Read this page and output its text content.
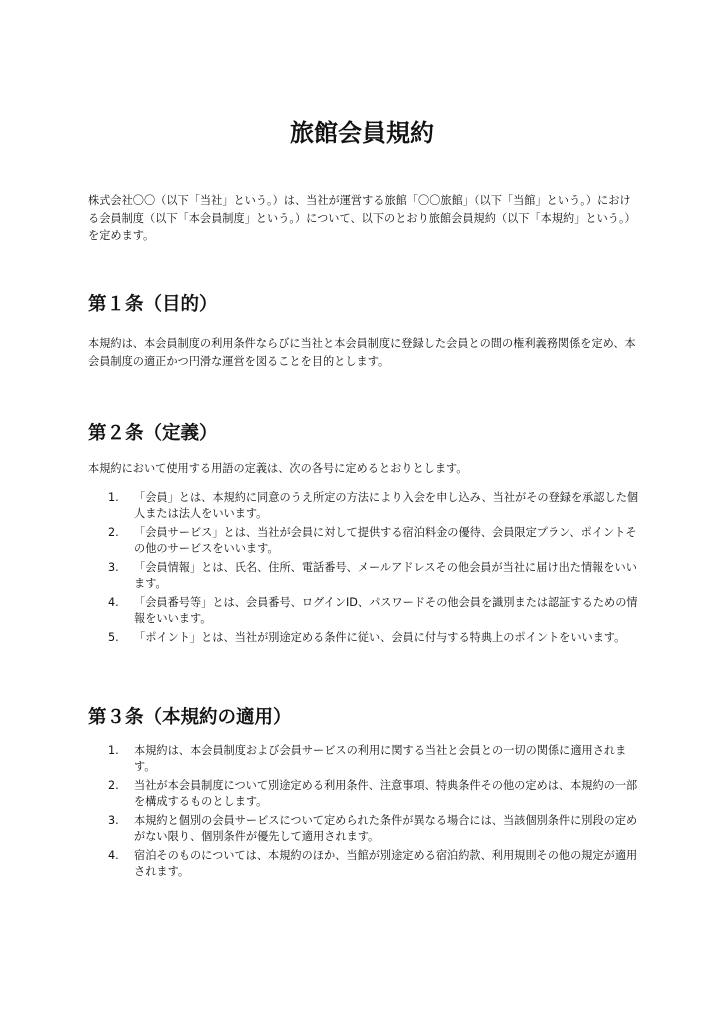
旅館会員規約

株式会社〇〇（以下「当社」という。）は、当社が運営する旅館「〇〇旅館」（以下「当館」という。）における会員制度（以下「本会員制度」という。）について、以下のとおり旅館会員規約（以下「本規約」という。）を定めます。

第１条（目的）

本規約は、本会員制度の利用条件ならびに当社と本会員制度に登録した会員との間の権利義務関係を定め、本会員制度の適正かつ円滑な運営を図ることを目的とします。

第２条（定義）

本規約において使用する用語の定義は、次の各号に定めるとおりとします。

1. 「会員」とは、本規約に同意のうえ所定の方法により入会を申し込み、当社がその登録を承認した個人または法人をいいます。
2. 「会員サービス」とは、当社が会員に対して提供する宿泊料金の優待、会員限定プラン、ポイントその他のサービスをいいます。
3. 「会員情報」とは、氏名、住所、電話番号、メールアドレスその他会員が当社に届け出た情報をいいます。
4. 「会員番号等」とは、会員番号、ログインID、パスワードその他会員を識別または認証するための情報をいいます。
5. 「ポイント」とは、当社が別途定める条件に従い、会員に付与する特典上のポイントをいいます。
第３条（本規約の適用）
1. 本規約は、本会員制度および会員サービスの利用に関する当社と会員との一切の関係に適用されます。
2. 当社が本会員制度について別途定める利用条件、注意事項、特典条件その他の定めは、本規約の一部を構成するものとします。
3. 本規約と個別の会員サービスについて定められた条件が異なる場合には、当該個別条件に別段の定めがない限り、個別条件が優先して適用されます。
4. 宿泊そのものについては、本規約のほか、当館が別途定める宿泊約款、利用規則その他の規定が適用されます。
